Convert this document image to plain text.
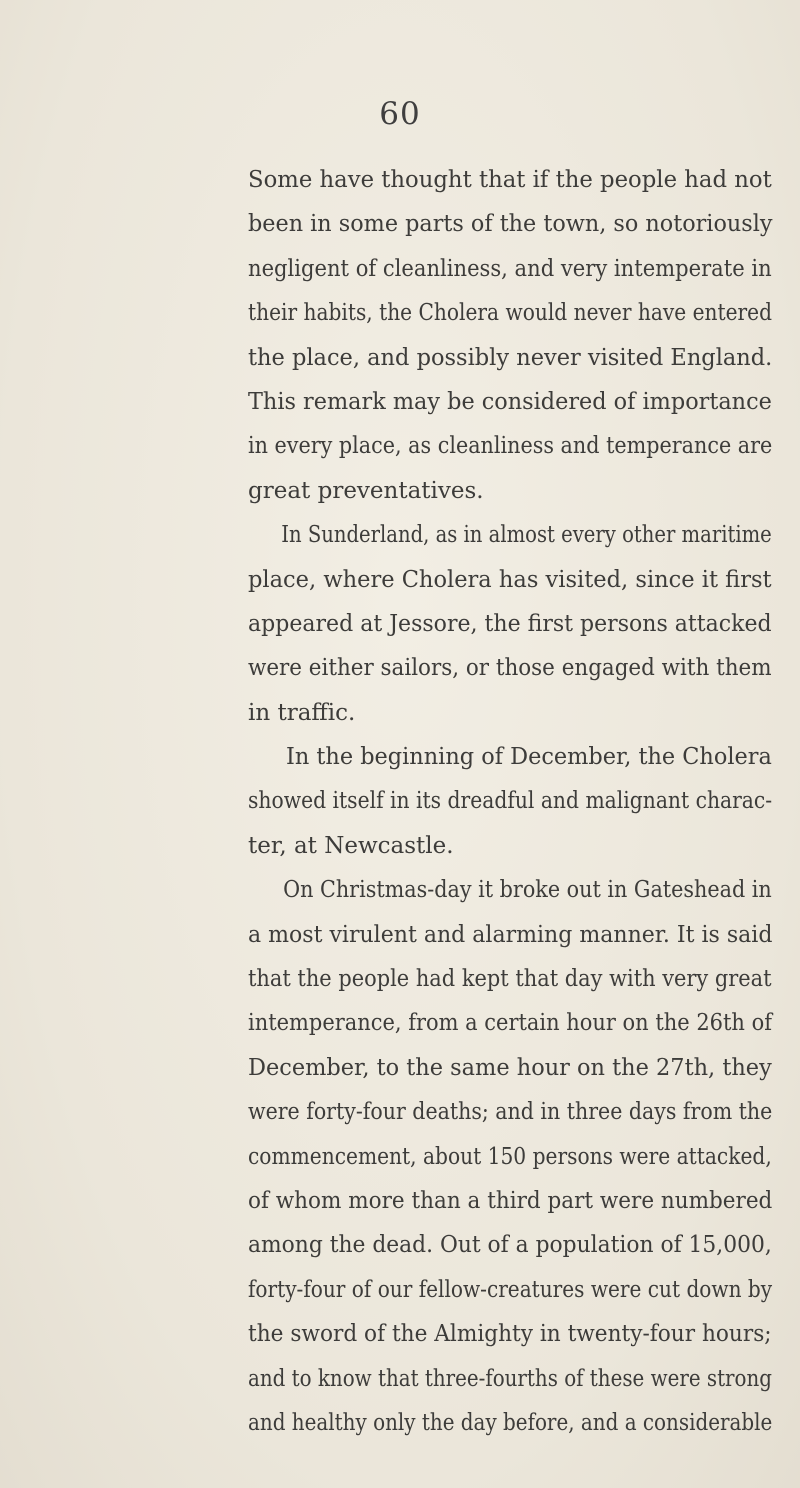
60
Some have thought that if the people had not
been in some parts of the town, so notoriously
negligent of cleanliness, and very intemperate in
their habits, the Cholera would never have entered
the place, and possibly never visited England.
This remark may be considered of importance
in every place, as cleanliness and temperance are
great preventatives.
In Sunderland, as in almost every other maritime
place, where Cholera has visited, since it first
appeared at Jessore, the first persons attacked
were either sailors, or those engaged with them
in traffic.
In the beginning of December, the Cholera
showed itself in its dreadful and malignant charac-
ter, at Newcastle.
On Christmas-day it broke out in Gateshead in
a most virulent and alarming manner. It is said
that the people had kept that day with very great
intemperance, from a certain hour on the 26th of
December, to the same hour on the 27th, they
were forty-four deaths; and in three days from the
commencement, about 150 persons were attacked,
of whom more than a third part were numbered
among the dead. Out of a population of 15,000,
forty-four of our fellow-creatures were cut down by
the sword of the Almighty in twenty-four hours;
and to know that three-fourths of these were strong
and healthy only the day before, and a considerable
